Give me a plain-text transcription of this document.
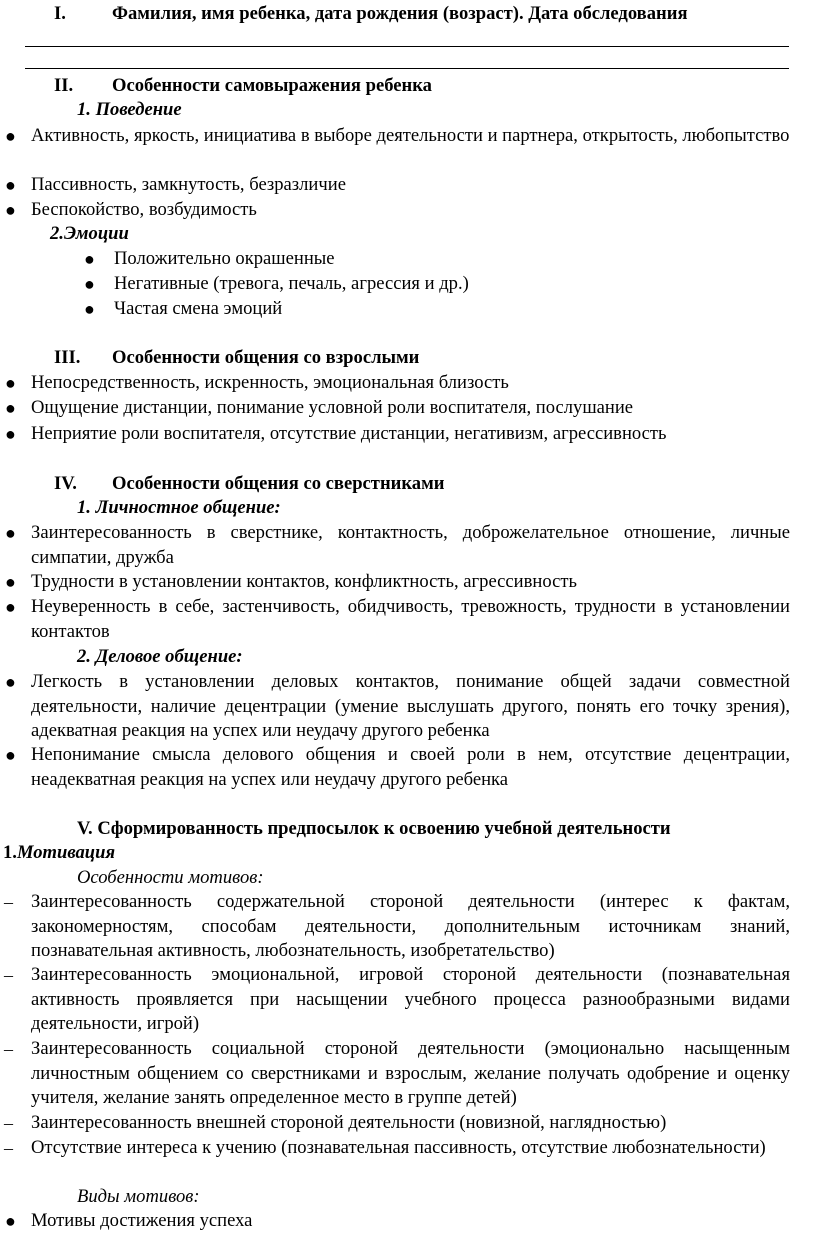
I. Фамилия, имя ребенка, дата рождения (возраст). Дата обследования
II. Особенности самовыражения ребенка
1. Поведение
● Активность, яркость, инициатива в выборе деятельности и партнера, открытость, любопытство
● Пассивность, замкнутость, безразличие
● Беспокойство, возбудимость
2.Эмоции
● Положительно окрашенные
● Негативные (тревога, печаль, агрессия и др.)
● Частая смена эмоций
III. Особенности общения со взрослыми
● Непосредственность, искренность, эмоциональная близость
● Ощущение дистанции, понимание условной роли воспитателя, послушание
● Неприятие роли воспитателя, отсутствие дистанции, негативизм, агрессивность
IV. Особенности общения со сверстниками
1. Личностное общение:
● Заинтересованность в сверстнике, контактность, доброжелательное отношение, личные симпатии, дружба
● Трудности в установлении контактов, конфликтность, агрессивность
● Неуверенность в себе, застенчивость, обидчивость, тревожность, трудности в установлении контактов
2. Деловое общение:
● Легкость в установлении деловых контактов, понимание общей задачи совместной деятельности, наличие децентрации (умение выслушать другого, понять его точку зрения), адекватная реакция на успех или неудачу другого ребенка
● Непонимание смысла делового общения и своей роли в нем, отсутствие децентрации, неадекватная реакция на успех или неудачу другого ребенка
V. Сформированность предпосылок к освоению учебной деятельности
1.Мотивация
Особенности мотивов:
– Заинтересованность содержательной стороной деятельности (интерес к фактам, закономерностям, способам деятельности, дополнительным источникам знаний, познавательная активность, любознательность, изобретательство)
– Заинтересованность эмоциональной, игровой стороной деятельности (познавательная активность проявляется при насыщении учебного процесса разнообразными видами деятельности, игрой)
– Заинтересованность социальной стороной деятельности (эмоционально насыщенным личностным общением со сверстниками и взрослым, желание получать одобрение и оценку учителя, желание занять определенное место в группе детей)
– Заинтересованность внешней стороной деятельности (новизной, наглядностью)
– Отсутствие интереса к учению (познавательная пассивность, отсутствие любознательности)
Виды мотивов:
● Мотивы достижения успеха
